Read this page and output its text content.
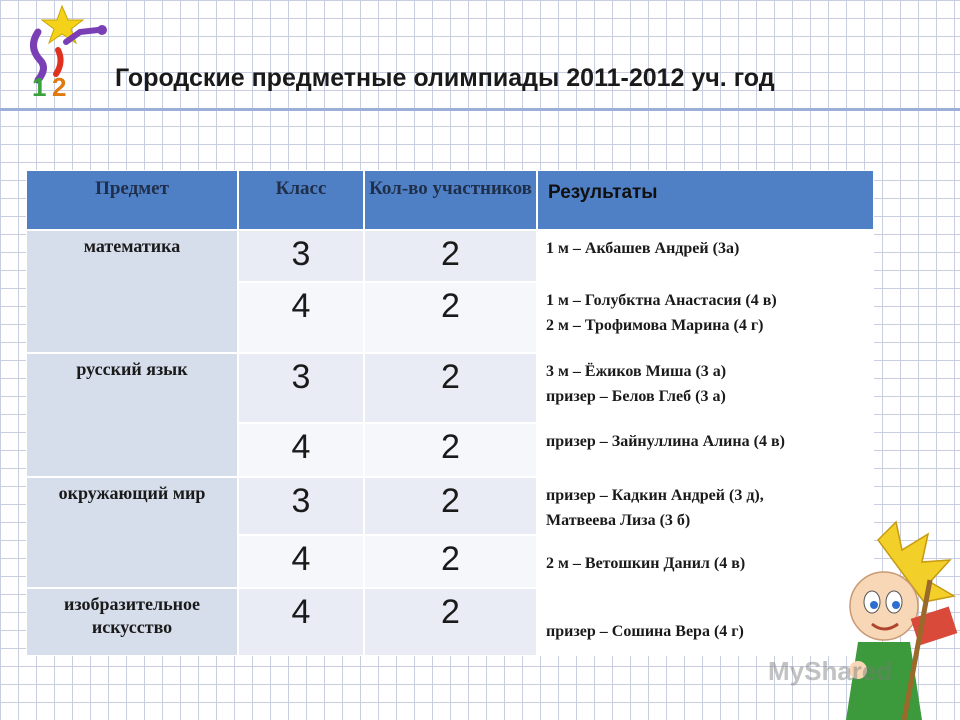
1 2 Городские предметные олимпиады 2011-2012 уч. год
Предмет	Класс	Кол-во участников	Результаты
математика	3	2	1 м – Акбашев Андрей (3а)

	4	2	1 м – Голубктна Анастасия (4 в)
2 м – Трофимова Марина (4 г)

русский язык	3	2	3 м – Ёжиков Миша (3 а)
призер – Белов Глеб (3 а)

	4	2	призер – Зайнуллина Алина (4 в)

окружающий мир	3	2	призер – Кадкин Андрей (3 д),
Матвеева Лиза (3 б)

	4	2	2 м – Ветошкин Данил (4 в)

изобразительное искусство	4	2	призер – Сошина Вера (4 г)
MyShared
